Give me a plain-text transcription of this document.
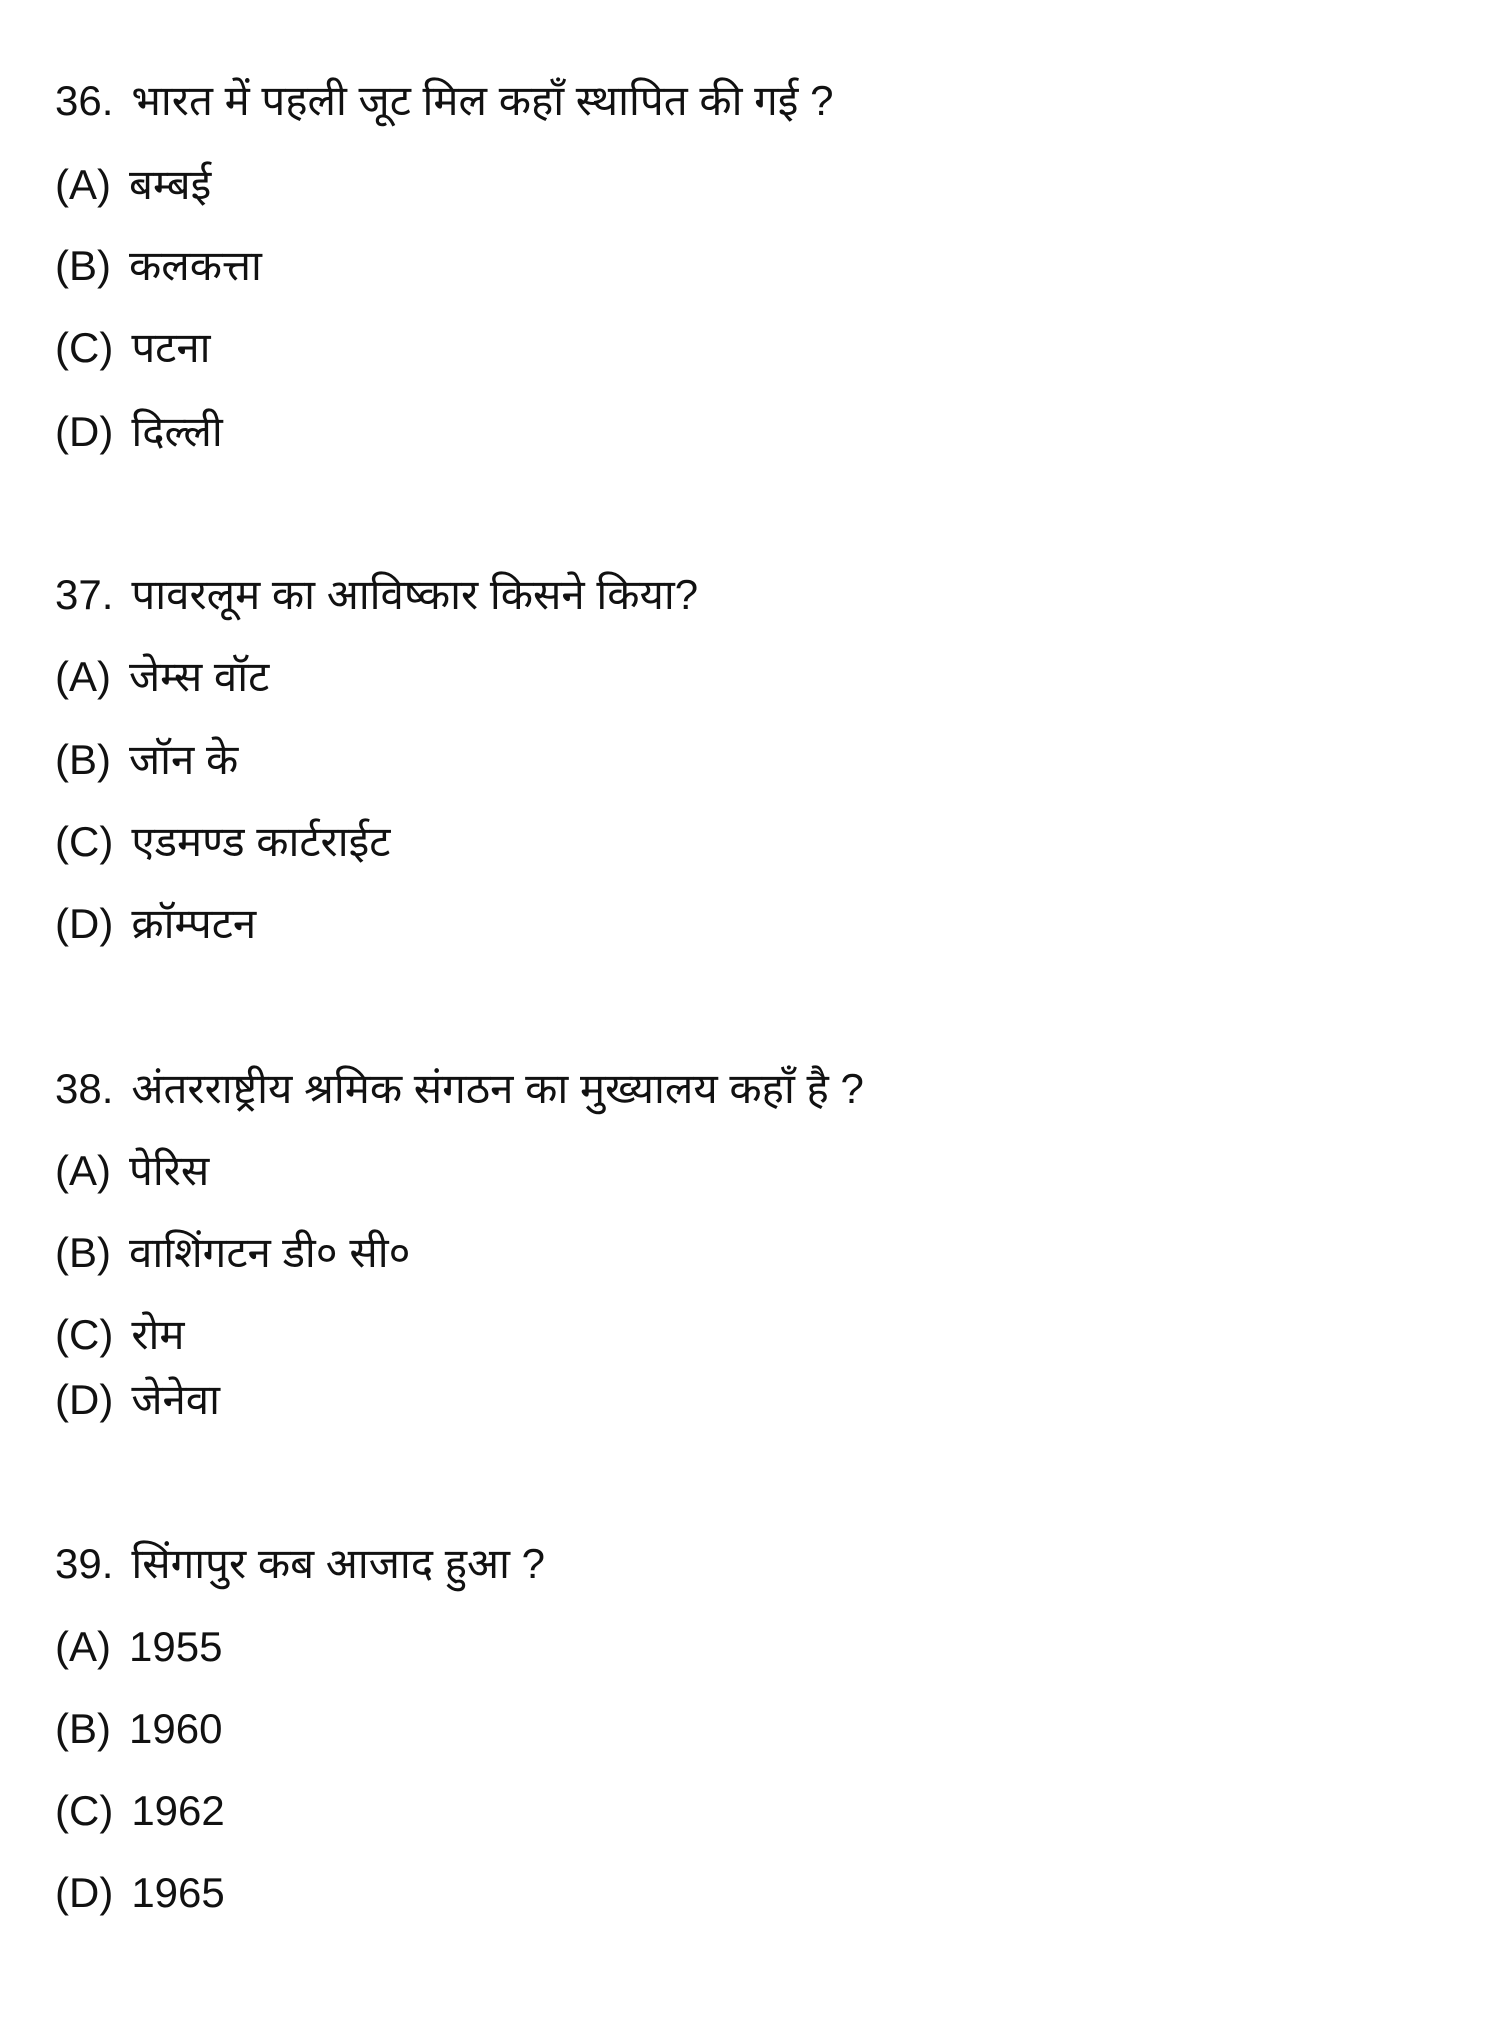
36. भारत में पहली जूट मिल कहाँ स्थापित की गई ?
(A) बम्बई
(B) कलकत्ता
(C) पटना
(D) दिल्ली
37. पावरलूम का आविष्कार किसने किया?
(A) जेम्स वॉट
(B) जॉन के
(C) एडमण्ड कार्टराईट
(D) क्रॉम्पटन
38. अंतरराष्ट्रीय श्रमिक संगठन का मुख्यालय कहाँ है ?
(A) पेरिस
(B) वाशिंगटन डी० सी०
(C) रोम
(D) जेनेवा
39. सिंगापुर कब आजाद हुआ ?
(A) 1955
(B) 1960
(C) 1962
(D) 1965
